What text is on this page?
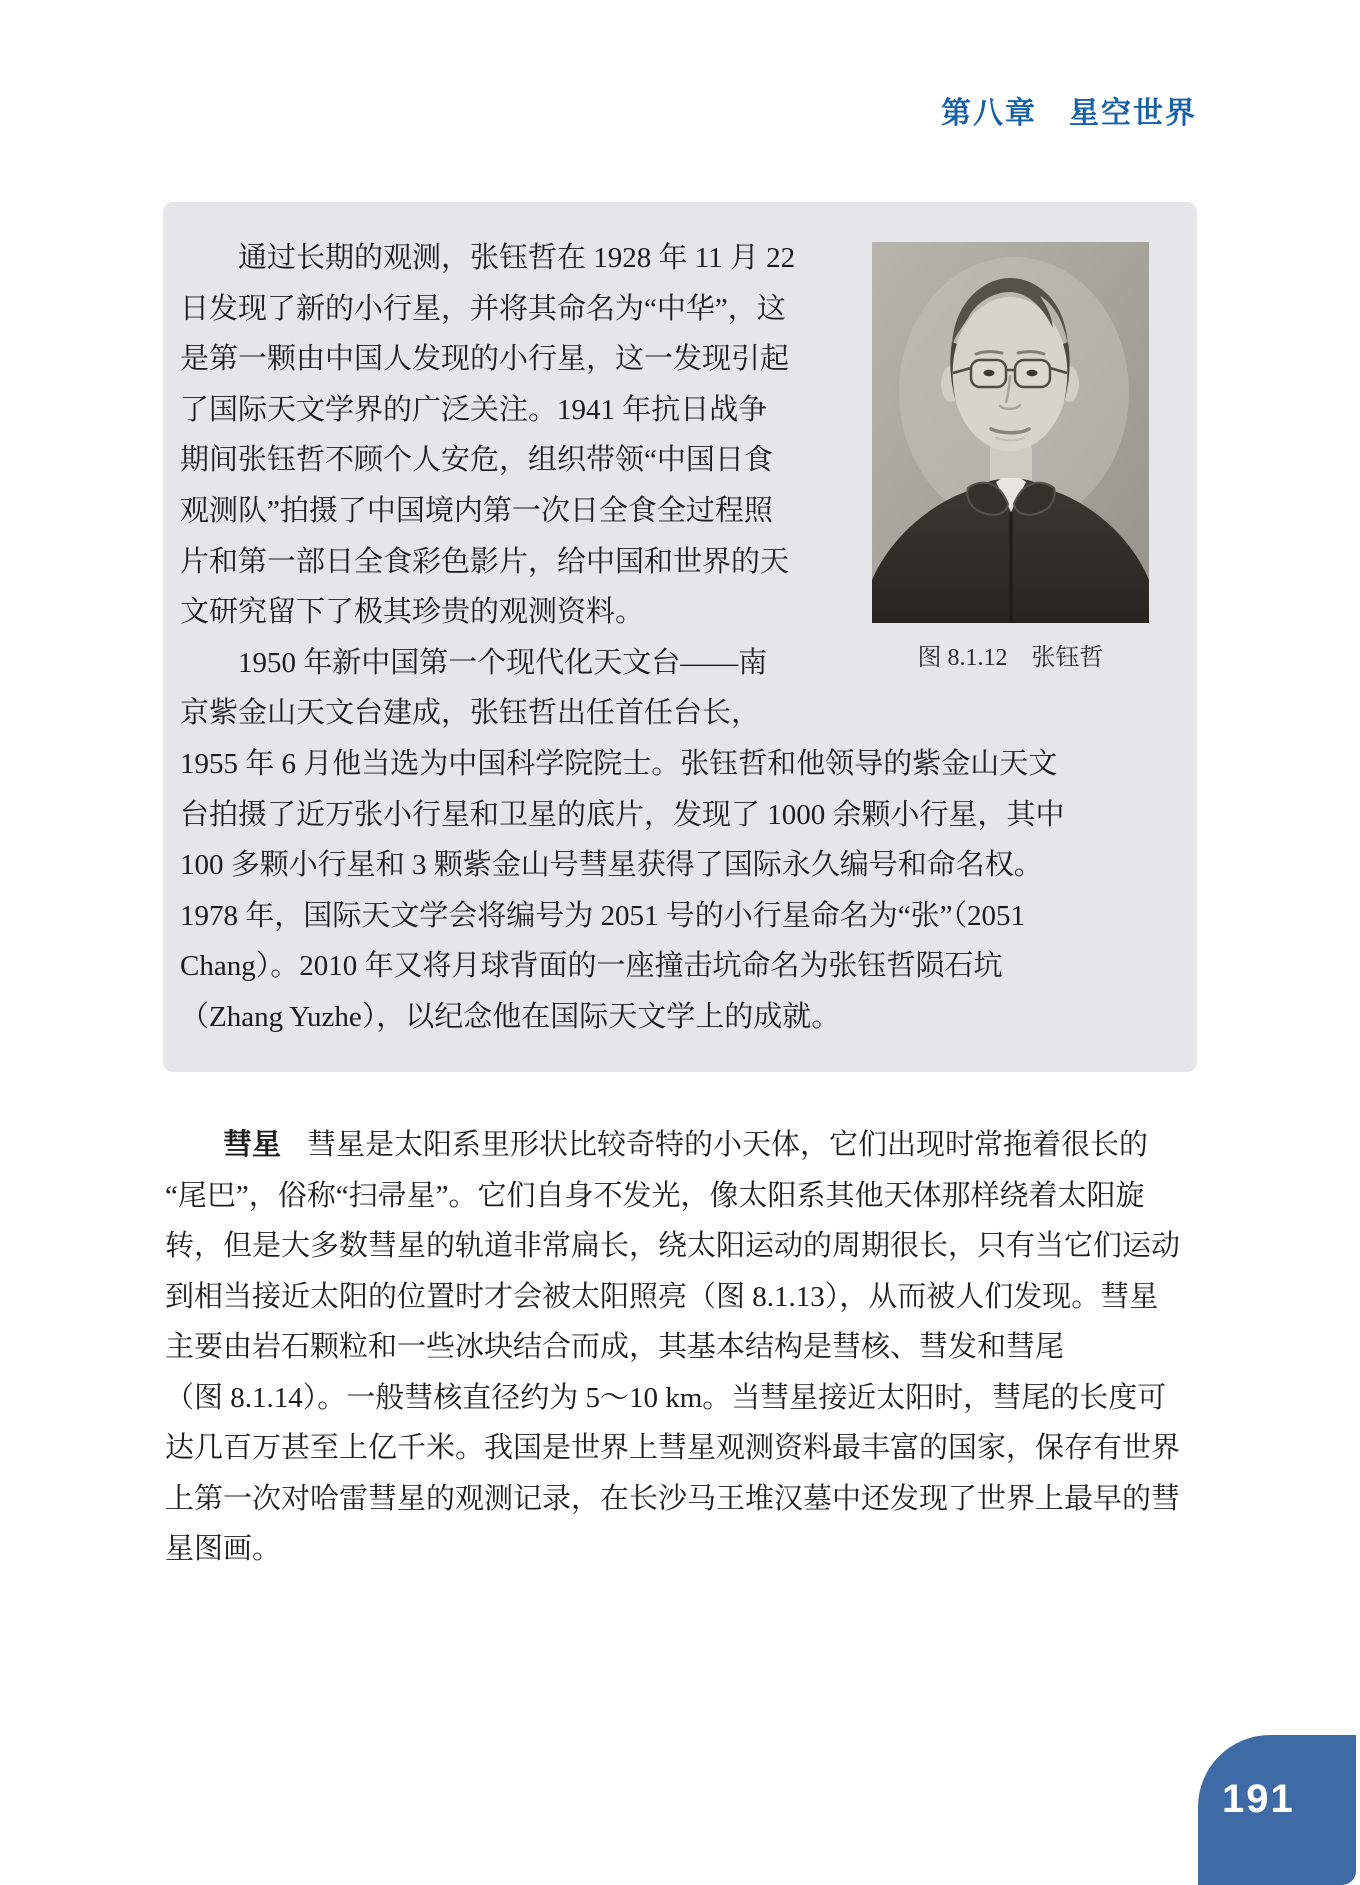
第八章　星空世界
通过长期的观测，张钰哲在 1928 年 11 月 22
日发现了新的小行星，并将其命名为“中华”，这
是第一颗由中国人发现的小行星，这一发现引起
了国际天文学界的广泛关注。1941 年抗日战争
期间张钰哲不顾个人安危，组织带领“中国日食
观测队”拍摄了中国境内第一次日全食全过程照
片和第一部日全食彩色影片，给中国和世界的天
文研究留下了极其珍贵的观测资料。
1950 年新中国第一个现代化天文台——南
京紫金山天文台建成，张钰哲出任首任台长，
1955 年 6 月他当选为中国科学院院士。张钰哲和他领导的紫金山天文
台拍摄了近万张小行星和卫星的底片，发现了 1000 余颗小行星，其中
100 多颗小行星和 3 颗紫金山号彗星获得了国际永久编号和命名权。
1978 年，国际天文学会将编号为 2051 号的小行星命名为“张”（2051
Chang）。2010 年又将月球背面的一座撞击坑命名为张钰哲陨石坑
（Zhang Yuzhe），以纪念他在国际天文学上的成就。
图 8.1.12　张钰哲
彗星 彗星是太阳系里形状比较奇特的小天体，它们出现时常拖着很长的
“尾巴”，俗称“扫帚星”。它们自身不发光，像太阳系其他天体那样绕着太阳旋
转，但是大多数彗星的轨道非常扁长，绕太阳运动的周期很长，只有当它们运动
到相当接近太阳的位置时才会被太阳照亮（图 8.1.13），从而被人们发现。彗星
主要由岩石颗粒和一些冰块结合而成，其基本结构是彗核、彗发和彗尾
（图 8.1.14）。一般彗核直径约为 5～10 km。当彗星接近太阳时，彗尾的长度可
达几百万甚至上亿千米。我国是世界上彗星观测资料最丰富的国家，保存有世界
上第一次对哈雷彗星的观测记录，在长沙马王堆汉墓中还发现了世界上最早的彗
星图画。
191
